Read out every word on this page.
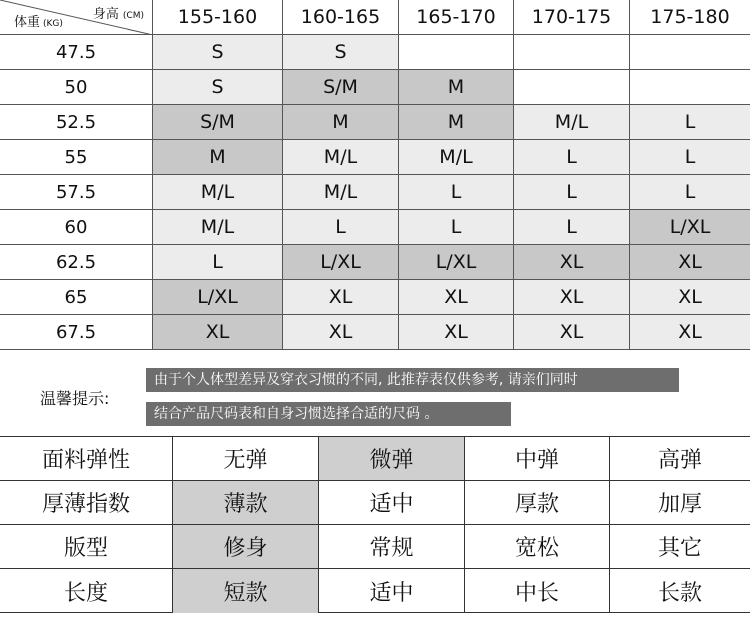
身高 (CM)
体重 (KG)	155-160	160-165	165-170	170-175	175-180
47.5	S	S
50	S	S/M	M
52.5	S/M	M	M	M/L	L
55	M	M/L	M/L	L	L
57.5	M/L	M/L	L	L	L
60	M/L	L	L	L	L/XL
62.5	L	L/XL	L/XL	XL	XL
65	L/XL	XL	XL	XL	XL
67.5	XL	XL	XL	XL	XL
温馨提示:
由于个人体型差异及穿衣习惯的不同, 此推荐表仅供参考, 请亲们同时
结合产品尺码表和自身习惯选择合适的尺码 。
面料弹性	无弹	微弹	中弹	高弹
厚薄指数	薄款	适中	厚款	加厚
版型	修身	常规	宽松	其它
长度	短款	适中	中长	长款
